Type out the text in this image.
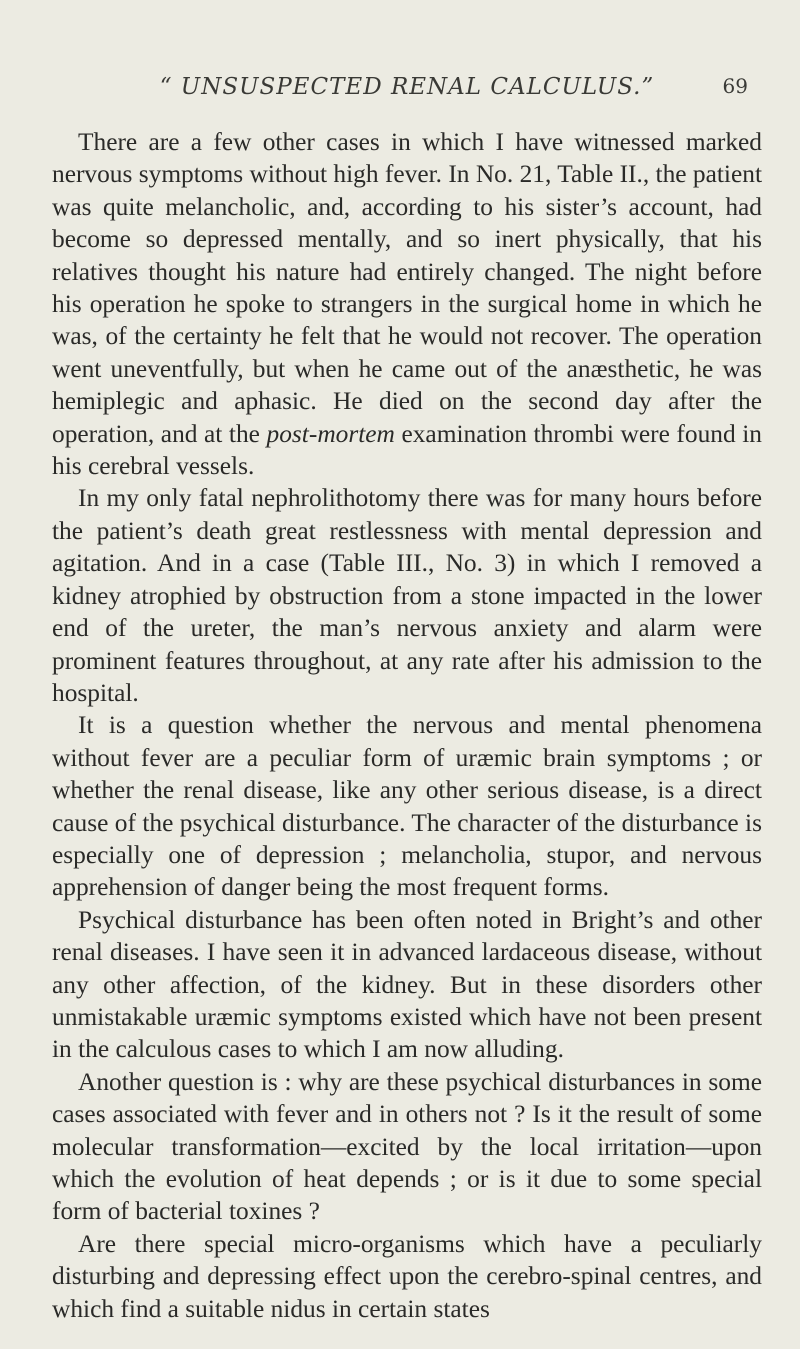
“ UNSUSPECTED RENAL CALCULUS.”	69

There are a few other cases in which I have witnessed marked nervous symptoms without high fever. In No. 21, Table II., the patient was quite melancholic, and, according to his sister’s account, had become so depressed mentally, and so inert physically, that his relatives thought his nature had entirely changed. The night before his operation he spoke to strangers in the surgical home in which he was, of the certainty he felt that he would not recover. The operation went uneventfully, but when he came out of the anæsthetic, he was hemiplegic and aphasic. He died on the second day after the operation, and at the post-mortem examination thrombi were found in his cerebral vessels.

In my only fatal nephrolithotomy there was for many hours before the patient’s death great restlessness with mental depression and agitation. And in a case (Table III., No. 3) in which I removed a kidney atrophied by obstruction from a stone impacted in the lower end of the ureter, the man’s nervous anxiety and alarm were prominent features throughout, at any rate after his admission to the hospital.

It is a question whether the nervous and mental phenomena without fever are a peculiar form of uræmic brain symptoms ; or whether the renal disease, like any other serious disease, is a direct cause of the psychical disturbance. The character of the disturbance is especially one of depression ; melancholia, stupor, and nervous apprehension of danger being the most frequent forms.

Psychical disturbance has been often noted in Bright’s and other renal diseases. I have seen it in advanced lardaceous disease, without any other affection, of the kidney. But in these disorders other unmistakable uræmic symptoms existed which have not been present in the calculous cases to which I am now alluding.

Another question is : why are these psychical disturbances in some cases associated with fever and in others not ? Is it the result of some molecular transformation—excited by the local irritation—upon which the evolution of heat depends ; or is it due to some special form of bacterial toxines ?

Are there special micro-organisms which have a peculiarly disturbing and depressing effect upon the cerebro-spinal centres, and which find a suitable nidus in certain states
